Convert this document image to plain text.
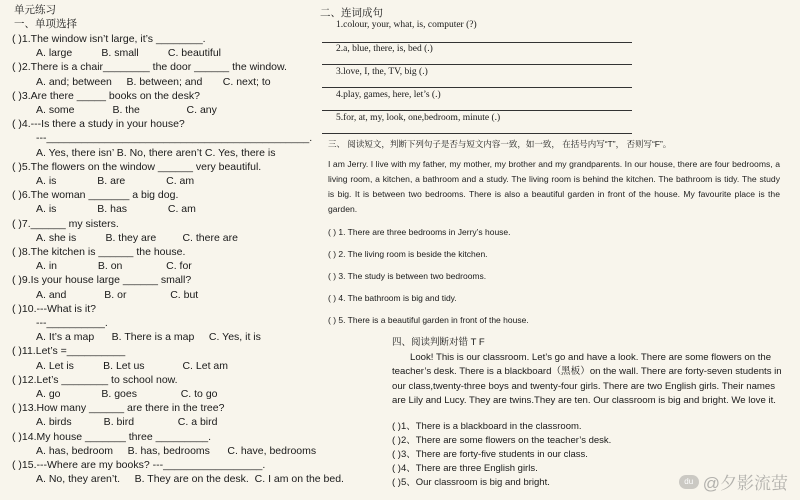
单元练习
一、单项选择
( )1.The window isn’t large, it’s ________.
A. large          B. small          C. beautiful
( )2.There is a chair________ the door ______ the window.
A. and; between     B. between; and       C. next; to
( )3.Are there _____ books on the desk?
A. some             B. the                C. any
( )4.---Is there a study in your house?
---_____________________________________________.
A. Yes, there isn’ B. No, there aren’t C. Yes, there is
( )5.The flowers on the window ______ very beautiful.
A. is              B. are              C. am
( )6.The woman _______ a big dog.
A. is              B. has              C. am
( )7.______ my sisters.
A. she is          B. they are         C. there are
( )8.The kitchen is ______ the house.
A. in              B. on               C. for
( )9.Is your house large ______ small?
A. and             B. or               C. but
( )10.---What is it?
---__________.
A. It’s a map      B. There is a map     C. Yes, it is
( )11.Let’s =__________
A. Let is          B. Let us             C. Let am
( )12.Let’s ________ to school now.
A. go              B. goes               C. to go
( )13.How many ______ are there in the tree?
A. birds           B. bird               C. a bird
( )14.My house _______ three _________.
A. has, bedroom     B. has, bedrooms      C. have, bedrooms
( )15.---Where are my books? ---_________________.
A. No, they aren’t.     B. They are on the desk.  C. I am on the bed.
二、连词成句
1.colour, your, what, is, computer (?)
2.a, blue, there, is, bed (.)
3.love, I, the, TV, big (.)
4.play, games, here, let’s (.)
5.for, at, my, look, one,bedroom, minute (.)
三、 阅读短文，判断下列句子是否与短文内容一致，如一致， 在括号内写“T”， 否则写“F”。
I am Jerry. I live with my father, my mother, my brother and my grandparents. In our house, there are four bedrooms, a living room, a kitchen, a bathroom and a study. The living room is behind the kitchen. The bathroom is tidy. The study is big. It is between two bedrooms. There is also a beautiful garden in front of the house. My favourite place is the garden.
( ) 1. There are three bedrooms in Jerry’s house.
( ) 2. The living room is beside the kitchen.
( ) 3. The study is between two bedrooms.
( ) 4. The bathroom is big and tidy.
( ) 5. There is a beautiful garden in front of the house.
四、阅读判断对错 T F
Look! This is our classroom. Let’s go and have a look. There are some flowers on the teacher’s desk. There is a blackboard（黑板）on the wall. There are forty-seven students in our class,twenty-three boys and twenty-four girls. There are two English girls. Their names are Lily and Lucy. They are twins.They are ten. Our classroom is big and bright. We love it.
( )1、There is a blackboard in the classroom.
( )2、There are some flowers on the teacher’s desk.
( )3、There are forty-five students in our class.
( )4、There are three English girls.
( )5、Our classroom is big and bright.	du @夕影流萤
